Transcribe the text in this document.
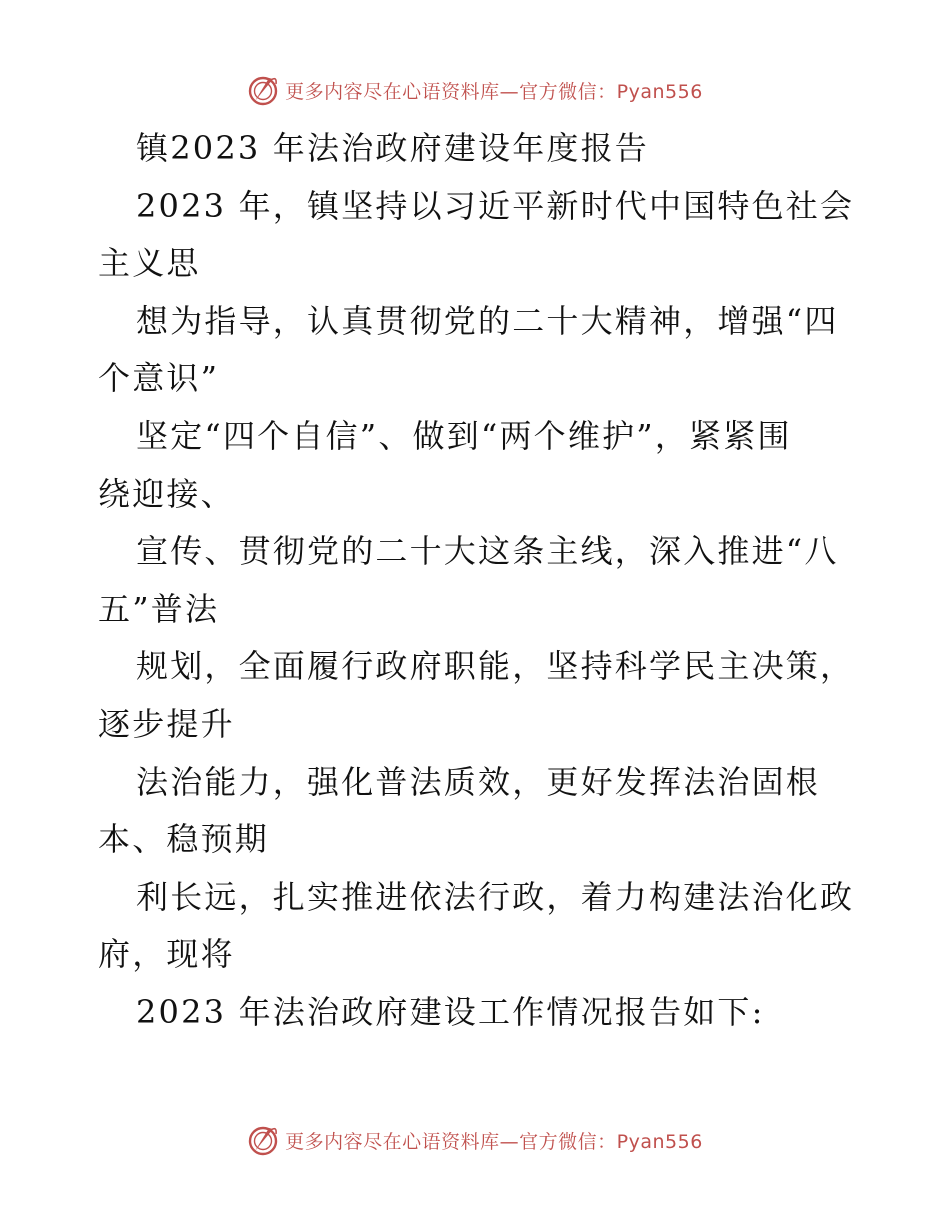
更多内容尽在心语资料库—官方微信：Pyan556
镇2023 年法治政府建设年度报告
2023 年，镇坚持以习近平新时代中国特色社会
主义思
想为指导，认真贯彻党的二十大精神，增强“四
个意识”
坚定“四个自信”、做到“两个维护”，紧紧围
绕迎接、
宣传、贯彻党的二十大这条主线，深入推进“八
五”普法
规划，全面履行政府职能，坚持科学民主决策，
逐步提升
法治能力，强化普法质效，更好发挥法治固根
本、稳预期
利长远，扎实推进依法行政，着力构建法治化政
府，现将
2023 年法治政府建设工作情况报告如下:
更多内容尽在心语资料库—官方微信：Pyan556
